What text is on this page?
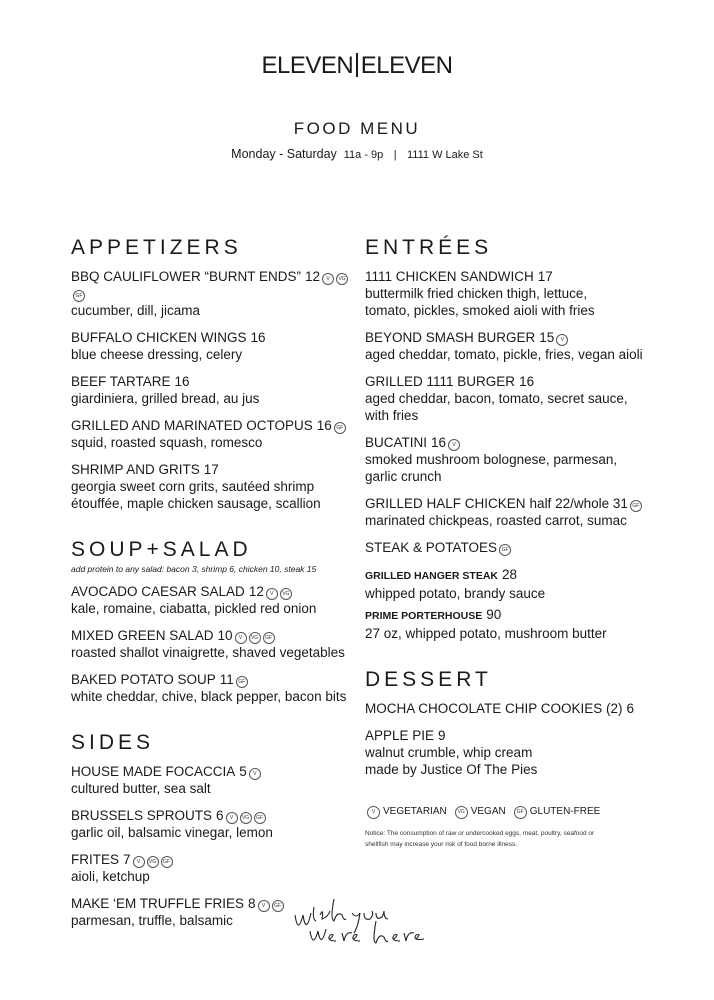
ELEVEN ELEVEN
FOOD MENU
Monday - Saturday 11a - 9p | 1111 W Lake St
APPETIZERS
BBQ CAULIFLOWER “BURNT ENDS” 12 V VGGF
cucumber, dill, jicama
BUFFALO CHICKEN WINGS 16
blue cheese dressing, celery
BEEF TARTARE 16
giardiniera, grilled bread, au jus
GRILLED AND MARINATED OCTOPUS 16 GF
squid, roasted squash, romesco
SHRIMP AND GRITS 17
georgia sweet corn grits, sautéed shrimp
étouffée, maple chicken sausage, scallion
SOUP+SALAD
add protein to any salad: bacon 3, shrimp 6, chicken 10, steak 15
AVOCADO CAESAR SALAD 12 V VG
kale, romaine, ciabatta, pickled red onion
MIXED GREEN SALAD 10 V VG GF
roasted shallot vinaigrette, shaved vegetables
BAKED POTATO SOUP 11 GF
white cheddar, chive, black pepper, bacon bits
SIDES
HOUSE MADE FOCACCIA 5 V
cultured butter, sea salt
BRUSSELS SPROUTS 6 V VG GF
garlic oil, balsamic vinegar, lemon
FRITES 7 V VG GF
aioli, ketchup
MAKE ‘EM TRUFFLE FRIES 8 V GF
parmesan, truffle, balsamic
ENTRÉES
1111 CHICKEN SANDWICH 17
buttermilk fried chicken thigh, lettuce,
tomato, pickles, smoked aioli with fries
BEYOND SMASH BURGER 15 V
aged cheddar, tomato, pickle, fries, vegan aioli
GRILLED 1111 BURGER 16
aged cheddar, bacon, tomato, secret sauce,
with fries
BUCATINI 16 V
smoked mushroom bolognese, parmesan,
garlic crunch
GRILLED HALF CHICKEN half 22/whole 31 GF
marinated chickpeas, roasted carrot, sumac
STEAK & POTATOES GF
GRILLED HANGER STEAK 28
whipped potato, brandy sauce
PRIME PORTERHOUSE 90
27 oz, whipped potato, mushroom butter
DESSERT
MOCHA CHOCOLATE CHIP COOKIES (2) 6
APPLE PIE 9
walnut crumble, whip cream
made by Justice Of The Pies
V VEGETARIAN VG VEGAN GF GLUTEN-FREE
Notice: The consumption of raw or undercooked eggs, meat, poultry, seafood or shellfish may increase your risk of food borne illness.
